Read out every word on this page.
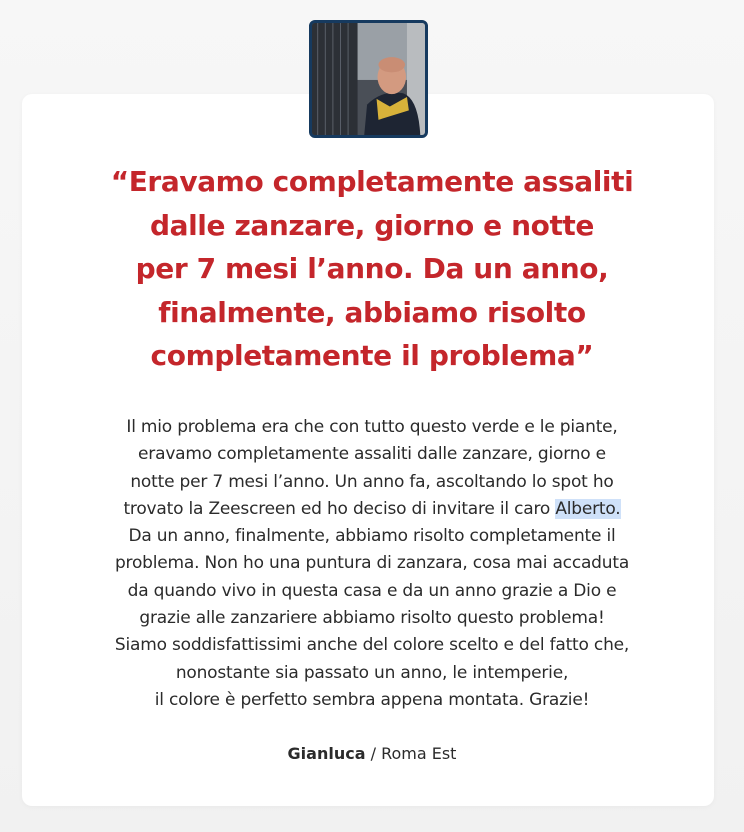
“Eravamo completamente assaliti
dalle zanzare, giorno e notte
per 7 mesi l’anno. Da un anno,
finalmente, abbiamo risolto
completamente il problema”
Il mio problema era che con tutto questo verde e le piante,
eravamo completamente assaliti dalle zanzare, giorno e
notte per 7 mesi l’anno. Un anno fa, ascoltando lo spot ho
trovato la Zeescreen ed ho deciso di invitare il caro Alberto.
Da un anno, finalmente, abbiamo risolto completamente il
problema. Non ho una puntura di zanzara, cosa mai accaduta
da quando vivo in questa casa e da un anno grazie a Dio e
grazie alle zanzariere abbiamo risolto questo problema!
Siamo soddisfattissimi anche del colore scelto e del fatto che,
nonostante sia passato un anno, le intemperie,
il colore è perfetto sembra appena montata. Grazie!
Gianluca / Roma Est
